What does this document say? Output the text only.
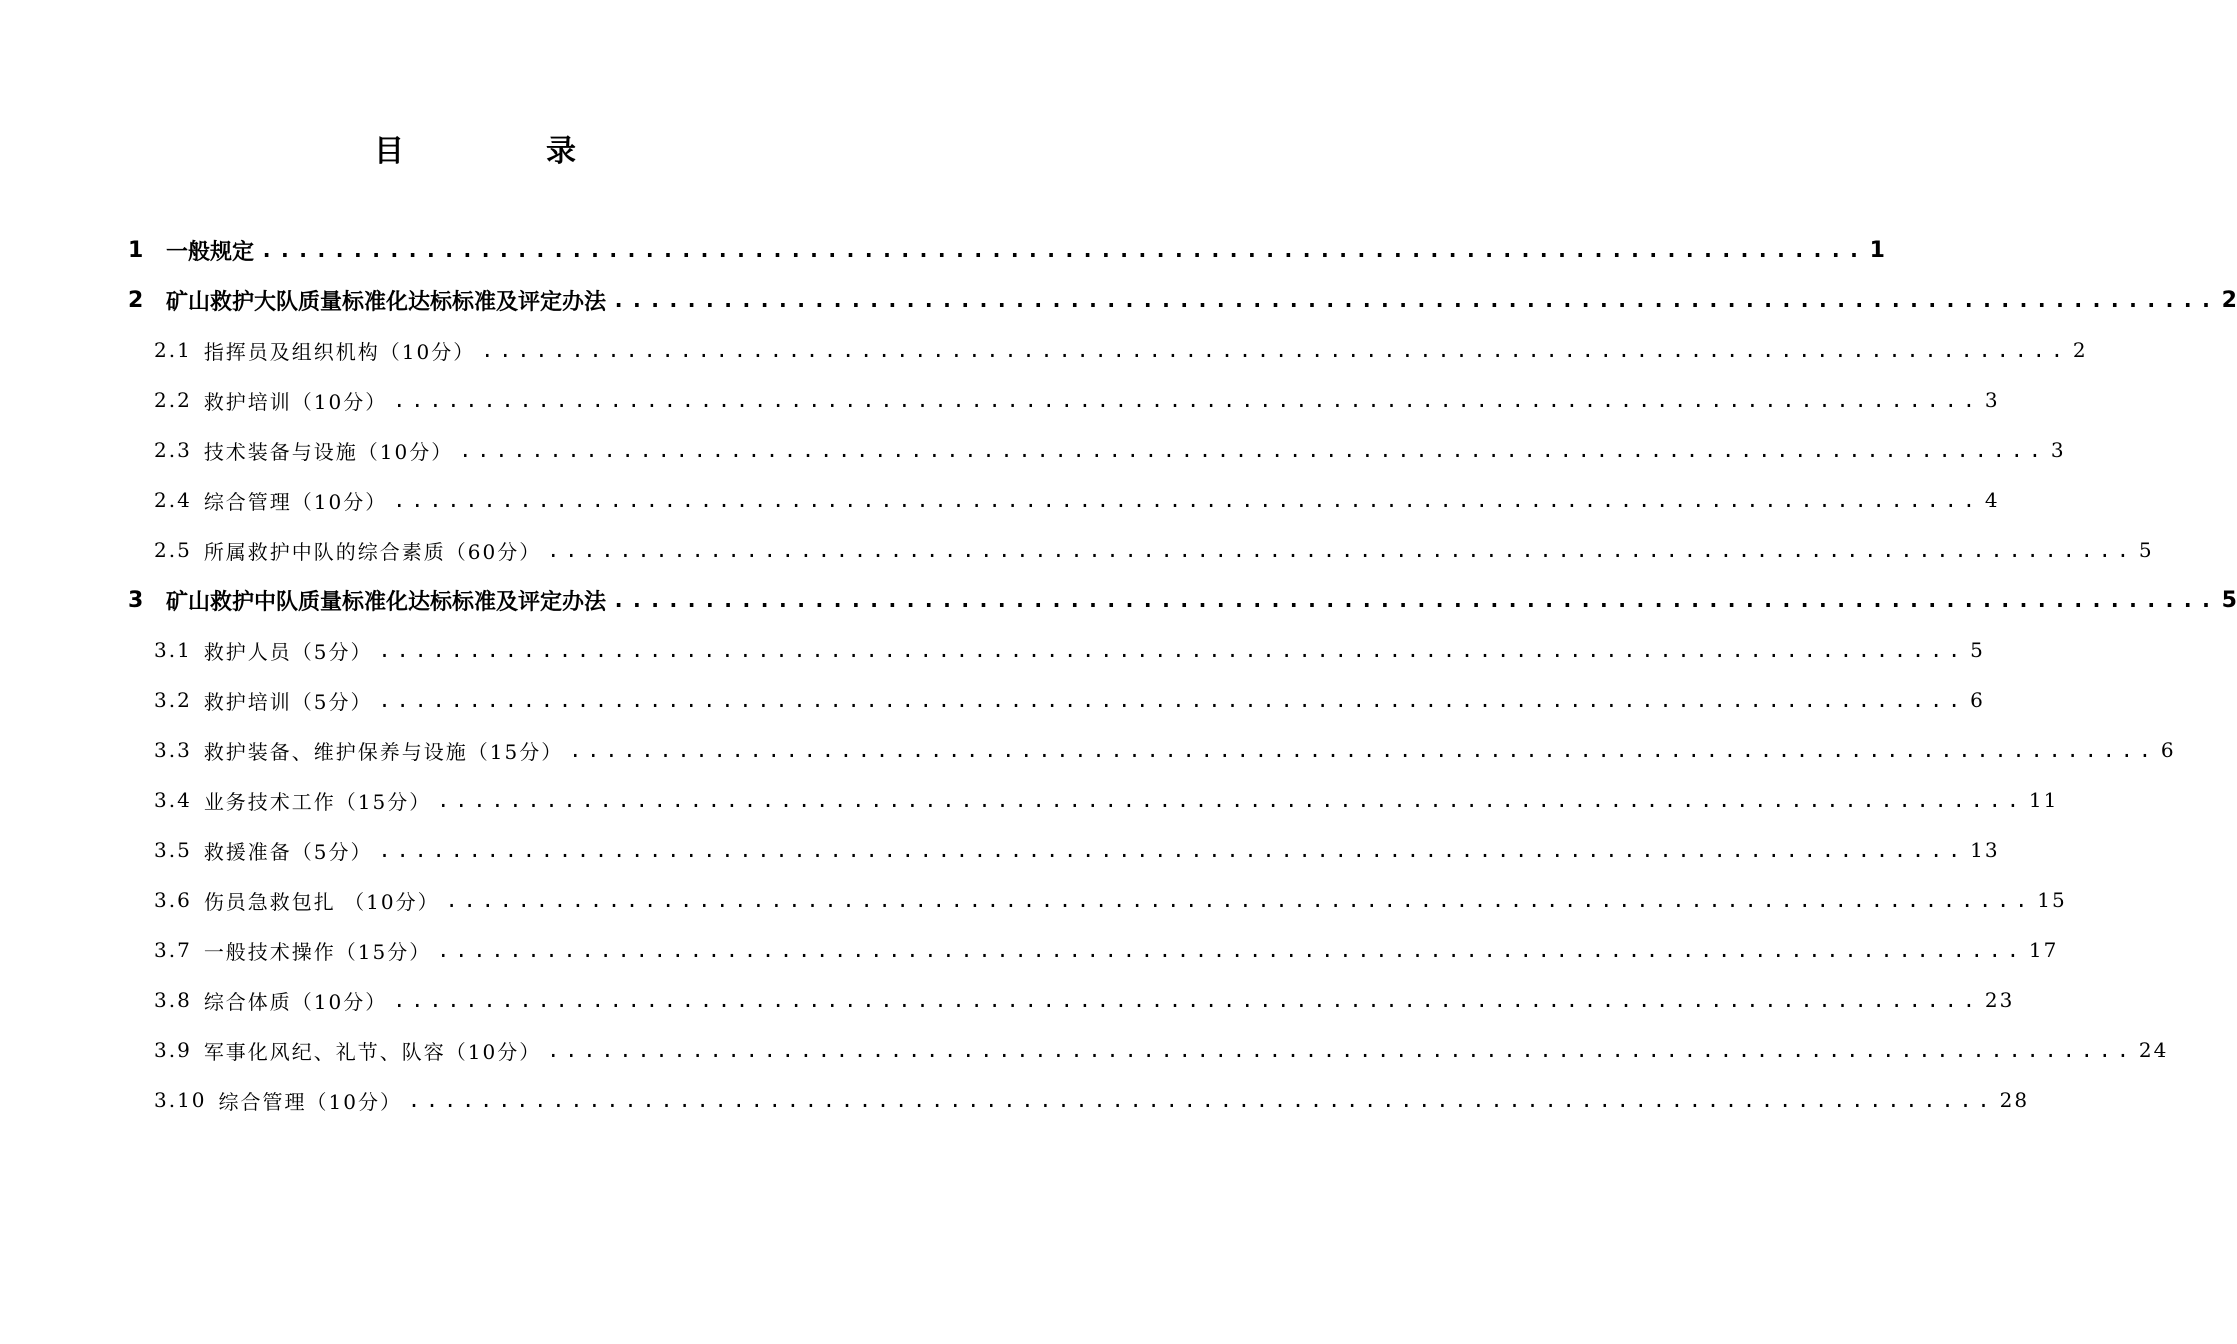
目　录
1	一般规定 ........................................................................................ 1
2	矿山救护大队质量标准化达标标准及评定办法 ........................................................................................ 2
2.1 指挥员及组织机构（10分） ........................................................................................ 2
2.2 救护培训（10分） ........................................................................................ 3
2.3 技术装备与设施（10分） ........................................................................................ 3
2.4 综合管理（10分） ........................................................................................ 4
2.5 所属救护中队的综合素质（60分） ........................................................................................ 5
3	矿山救护中队质量标准化达标标准及评定办法 ........................................................................................ 5
3.1 救护人员（5分） ........................................................................................ 5
3.2 救护培训（5分） ........................................................................................ 6
3.3 救护装备、维护保养与设施（15分） ........................................................................................ 6
3.4 业务技术工作（15分） ........................................................................................ 11
3.5 救援准备（5分） ........................................................................................ 13
3.6 伤员急救包扎 （10分） ........................................................................................ 15
3.7 一般技术操作（15分） ........................................................................................ 17
3.8 综合体质（10分） ........................................................................................ 23
3.9 军事化风纪、礼节、队容（10分） ........................................................................................ 24
3.10 综合管理（10分） ........................................................................................ 28
